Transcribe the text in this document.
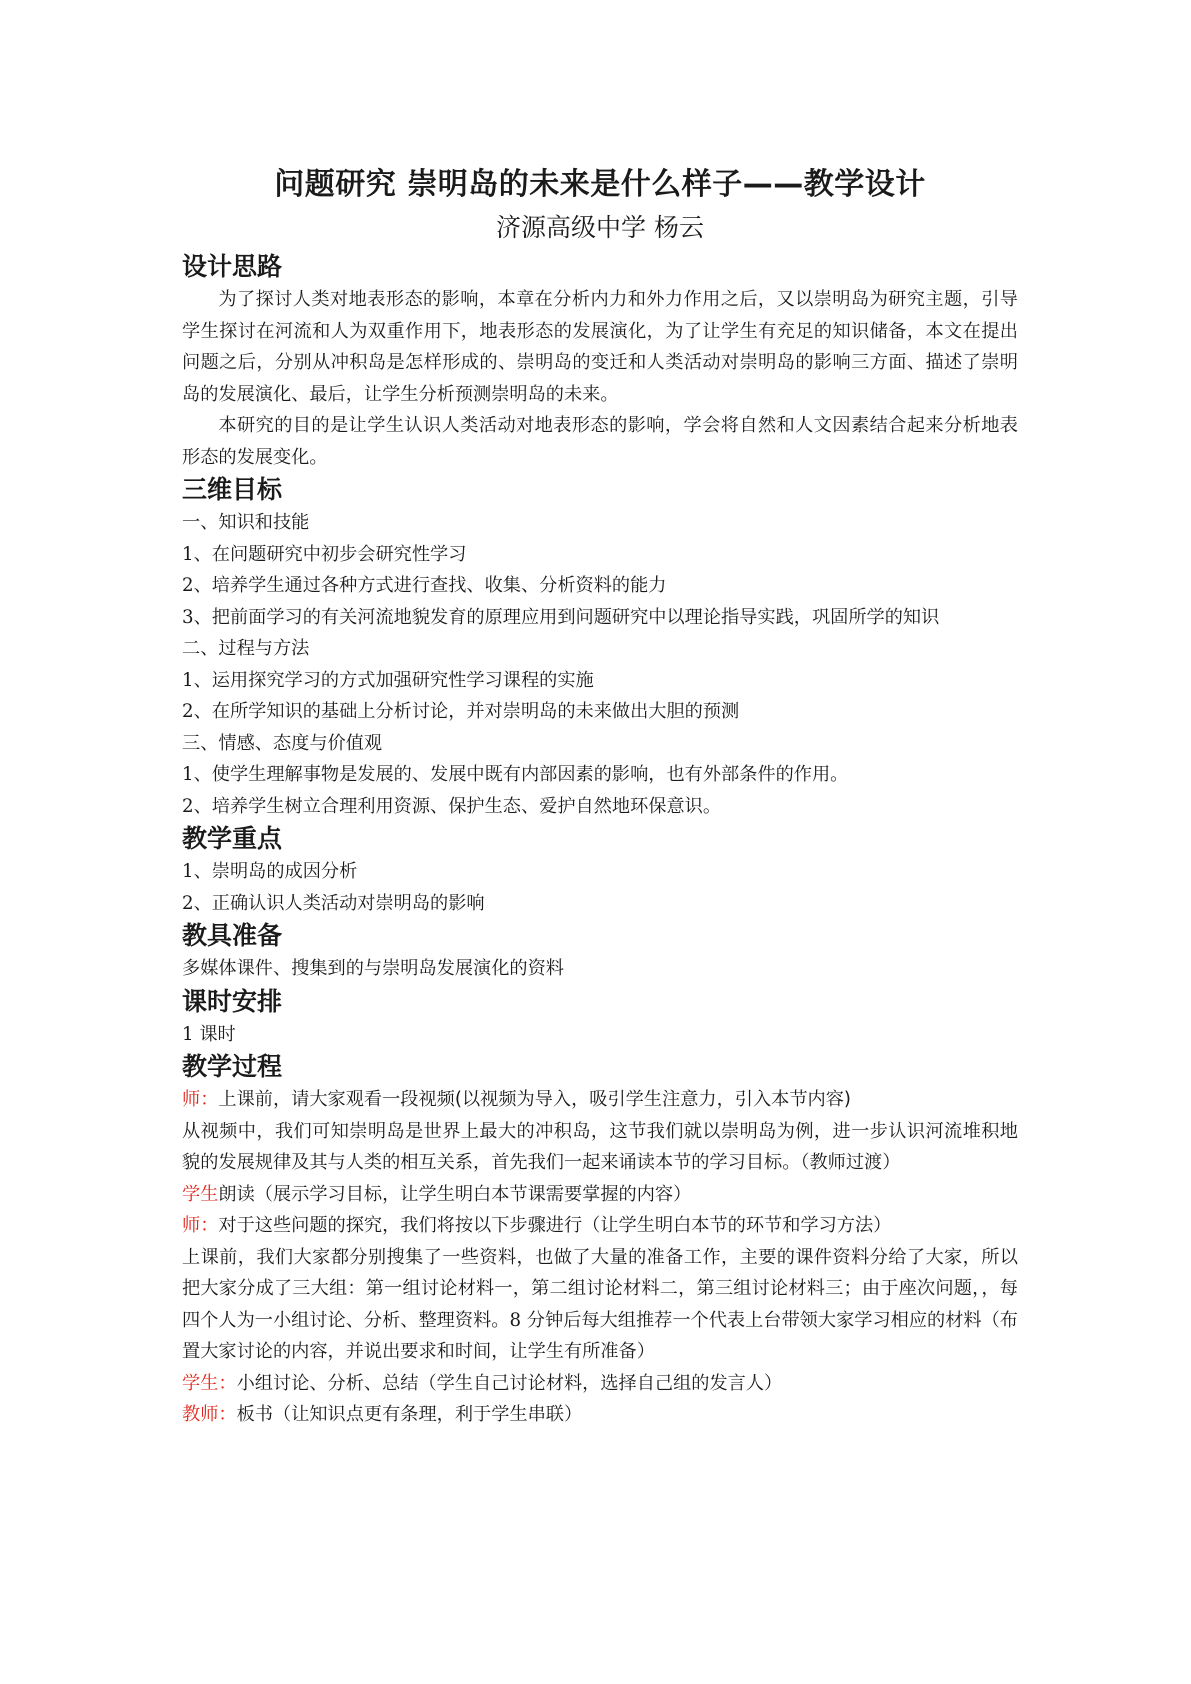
问题研究 崇明岛的未来是什么样子——教学设计
济源高级中学 杨云
设计思路

为了探讨人类对地表形态的影响，本章在分析内力和外力作用之后，又以崇明岛为研究主题，引导学生探讨在河流和人为双重作用下，地表形态的发展演化，为了让学生有充足的知识储备，本文在提出问题之后，分别从冲积岛是怎样形成的、崇明岛的变迁和人类活动对崇明岛的影响三方面、描述了崇明岛的发展演化、最后，让学生分析预测崇明岛的未来。

本研究的目的是让学生认识人类活动对地表形态的影响，学会将自然和人文因素结合起来分析地表形态的发展变化。

三维目标

一、知识和技能

1、在问题研究中初步会研究性学习

2、培养学生通过各种方式进行查找、收集、分析资料的能力

3、把前面学习的有关河流地貌发育的原理应用到问题研究中以理论指导实践，巩固所学的知识

二、过程与方法

1、运用探究学习的方式加强研究性学习课程的实施

2、在所学知识的基础上分析讨论，并对崇明岛的未来做出大胆的预测

三、情感、态度与价值观

1、使学生理解事物是发展的、发展中既有内部因素的影响，也有外部条件的作用。

2、培养学生树立合理利用资源、保护生态、爱护自然地环保意识。

教学重点

1、崇明岛的成因分析

2、正确认识人类活动对崇明岛的影响

教具准备

多媒体课件、搜集到的与崇明岛发展演化的资料

课时安排

1 课时

教学过程

师：上课前，请大家观看一段视频(以视频为导入，吸引学生注意力，引入本节内容)

从视频中，我们可知崇明岛是世界上最大的冲积岛，这节我们就以崇明岛为例，进一步认识河流堆积地貌的发展规律及其与人类的相互关系，首先我们一起来诵读本节的学习目标。（教师过渡）

学生朗读（展示学习目标，让学生明白本节课需要掌握的内容）

师：对于这些问题的探究，我们将按以下步骤进行（让学生明白本节的环节和学习方法）

上课前，我们大家都分别搜集了一些资料，也做了大量的准备工作，主要的课件资料分给了大家，所以把大家分成了三大组：第一组讨论材料一，第二组讨论材料二，第三组讨论材料三；由于座次问题，，每四个人为一小组讨论、分析、整理资料。8 分钟后每大组推荐一个代表上台带领大家学习相应的材料（布置大家讨论的内容，并说出要求和时间，让学生有所准备）

学生：小组讨论、分析、总结（学生自己讨论材料，选择自己组的发言人）

教师：板书（让知识点更有条理，利于学生串联）
